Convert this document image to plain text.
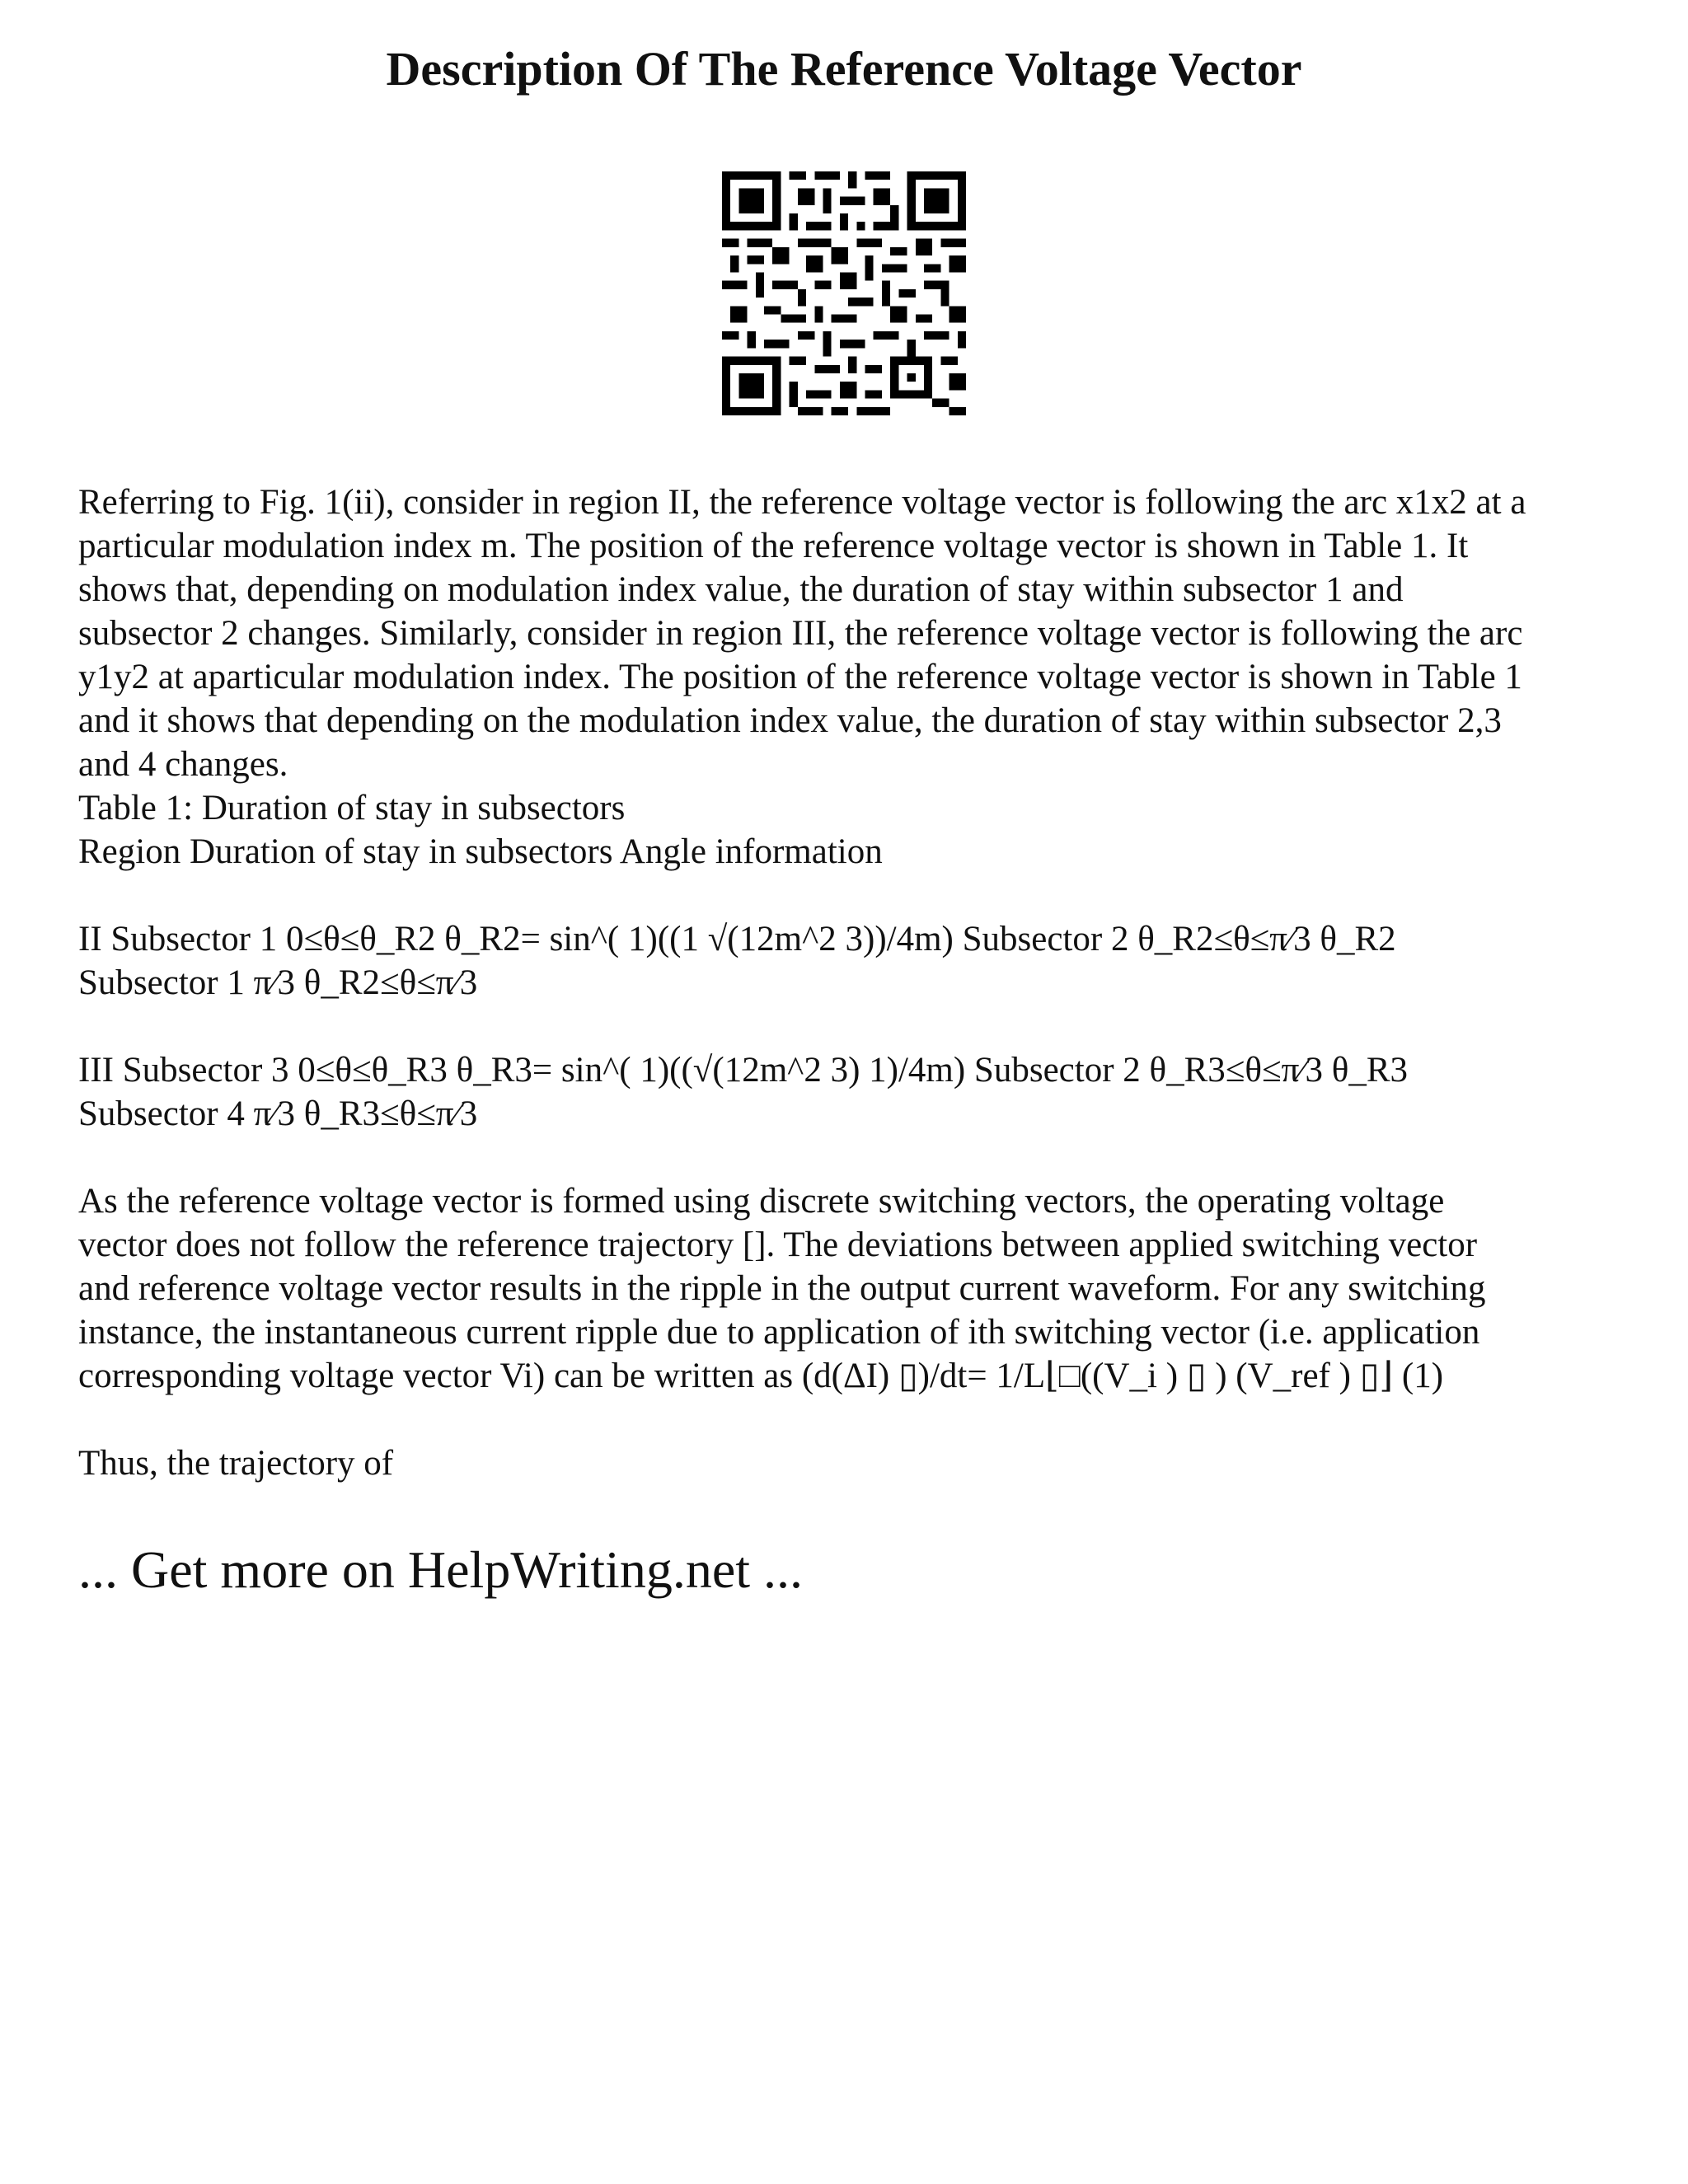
Description Of The Reference Voltage Vector
Referring to Fig. 1(ii), consider in region II, the reference voltage vector is following the arc x1x2 at a
particular modulation index m. The position of the reference voltage vector is shown in Table 1. It
shows that, depending on modulation index value, the duration of stay within subsector 1 and
subsector 2 changes. Similarly, consider in region III, the reference voltage vector is following the arc
y1y2 at aparticular modulation index. The position of the reference voltage vector is shown in Table 1
and it shows that depending on the modulation index value, the duration of stay within subsector 2,3
and 4 changes.
Table 1: Duration of stay in subsectors
Region Duration of stay in subsectors Angle information
II Subsector 1 0≤θ≤θ_R2 θ_R2= sin^( 1)((1 √(12m^2 3))/4m) Subsector 2 θ_R2≤θ≤π⁄3 θ_R2
Subsector 1 π⁄3 θ_R2≤θ≤π⁄3
III Subsector 3 0≤θ≤θ_R3 θ_R3= sin^( 1)((√(12m^2 3) 1)/4m) Subsector 2 θ_R3≤θ≤π⁄3 θ_R3
Subsector 4 π⁄3 θ_R3≤θ≤π⁄3
As the reference voltage vector is formed using discrete switching vectors, the operating voltage
vector does not follow the reference trajectory []. The deviations between applied switching vector
and reference voltage vector results in the ripple in the output current waveform. For any switching
instance, the instantaneous current ripple due to application of ith switching vector (i.e. application
corresponding voltage vector Vi) can be written as (d(ΔI) ▯)/dt= 1/L⌊□((V_i ) ▯ ) (V_ref ) ▯⌋ (1)
Thus, the trajectory of

... Get more on HelpWriting.net ...
